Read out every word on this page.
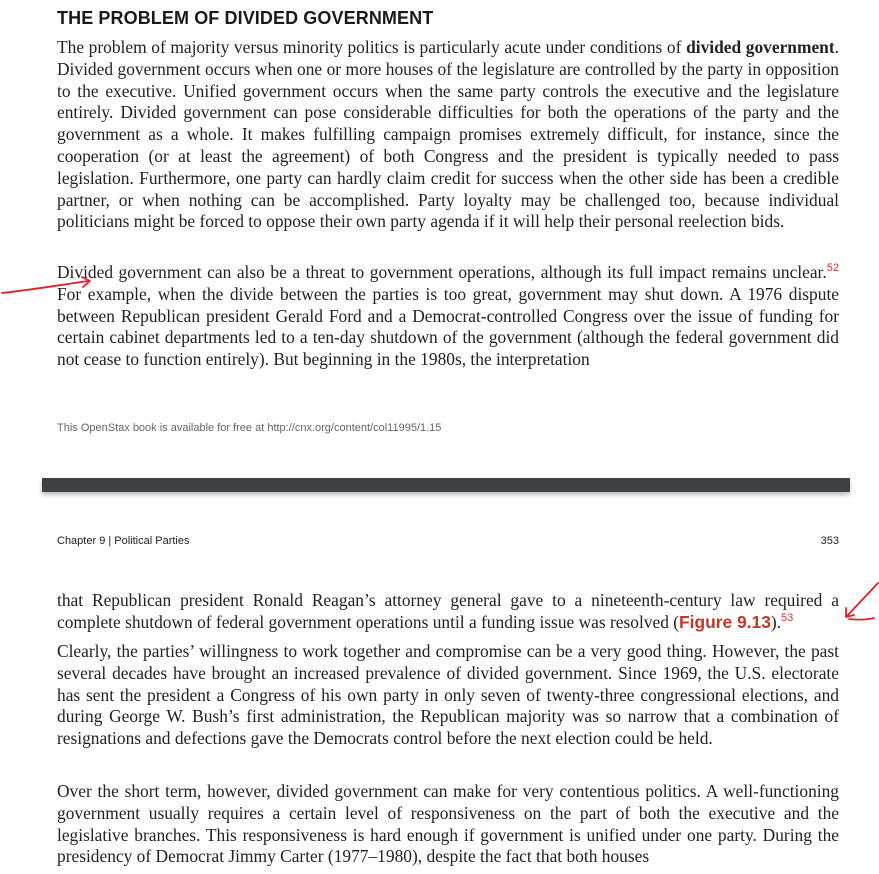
THE PROBLEM OF DIVIDED GOVERNMENT

The problem of majority versus minority politics is particularly acute under conditions of divided government. Divided government occurs when one or more houses of the legislature are controlled by the party in opposition to the executive. Unified government occurs when the same party controls the executive and the legislature entirely. Divided government can pose considerable difficulties for both the operations of the party and the government as a whole. It makes fulfilling campaign promises extremely difficult, for instance, since the cooperation (or at least the agreement) of both Congress and the president is typically needed to pass legislation. Furthermore, one party can hardly claim credit for success when the other side has been a credible partner, or when nothing can be accomplished. Party loyalty may be challenged too, because individual politicians might be forced to oppose their own party agenda if it will help their personal reelection bids.

Divided government can also be a threat to government operations, although its full impact remains unclear.$^{52}$ For example, when the divide between the parties is too great, government may shut down. A 1976 dispute between Republican president Gerald Ford and a Democrat-controlled Congress over the issue of funding for certain cabinet departments led to a ten-day shutdown of the government (although the federal government did not cease to function entirely). But beginning in the 1980s, the interpretation

This OpenStax book is available for free at http://cnx.org/content/col11995/1.15

Chapter 9 | Political Parties	353

that Republican president Ronald Reagan’s attorney general gave to a nineteenth-century law required a complete shutdown of federal government operations until a funding issue was resolved (Figure 9.13).$^{53}$

Clearly, the parties’ willingness to work together and compromise can be a very good thing. However, the past several decades have brought an increased prevalence of divided government. Since 1969, the U.S. electorate has sent the president a Congress of his own party in only seven of twenty-three congressional elections, and during George W. Bush’s first administration, the Republican majority was so narrow that a combination of resignations and defections gave the Democrats control before the next election could be held.

Over the short term, however, divided government can make for very contentious politics. A well-functioning government usually requires a certain level of responsiveness on the part of both the executive and the legislative branches. This responsiveness is hard enough if government is unified under one party. During the presidency of Democrat Jimmy Carter (1977–1980), despite the fact that both houses
